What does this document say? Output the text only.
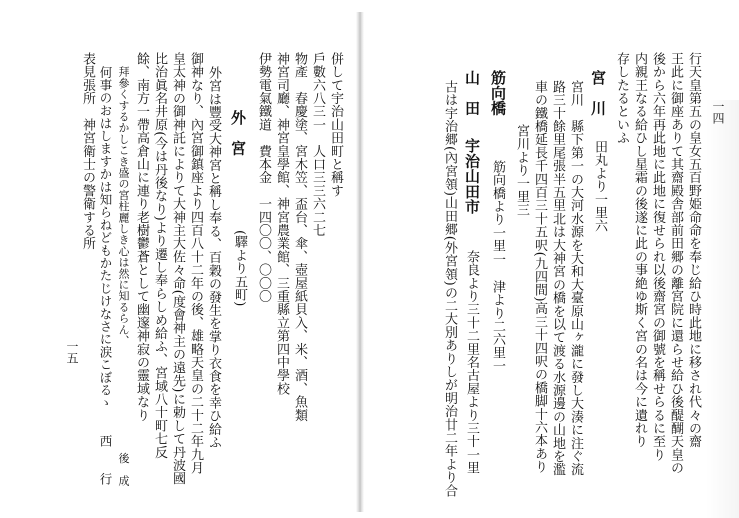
一四
行天皇第五の皇女五百野姫命命を奉じ給ひ時此地に移され代々の齋
王此に御座ありて其齋殿舎部前田郷の離宮院に還らせ給ひ後醍醐天皇の
後から六年再此地に此地に復せられ以後齋宮の御號を稱せらるに至り
内親王なる給ひし星霜の後遂に此の事絶ゆ斯く宮の名は今に遺れり
存したるといふ
宮　川
田丸より一里六
宮川　縣下第一の大河水源を大和大臺原山ヶ瀧に發し大湊に注ぐ流
路三十餘里尾張半五里北は大神宮の橋を以て渡る水源邊の山地を濫
車の鐵橋延長千四百三十五呎(九四間)高三十四呎の橋脚十六本あり
宮川より一里三
筋向橋
筋向橋より一里一
津より二六里一
山　田
宇治山田市
奈良より三十二里名古屋より三十一里
古は宇治郷(內宮領)山田郷(外宮領)の二大別ありしが明治廿二年より合
一五
併して宇治山田町と稱す
戶數六八三一　人口三三六二七
物產　春慶塗、宮木笠、盃台、傘、壺屋紙貝入、米、酒、魚類
神宮司廳、神宮皇學館、神宮農業館、三重縣立第四中學校
伊勢電氣鐵道　費本金　一四〇〇、〇〇〇
外　宮
(驛より五町)
外宮は豐受大神宮と稱し奉る、百穀の發生を掌り衣食を幸ひ給ふ
御神なり、內宮御鎮座より四百八十二年の後、雄略天皇の二十二年九月
皇太神の御神託によりて大神主大佐々命(度會神主の遠先)に勅して丹波國
比治眞名井原(今は丹後なり)より遷し奉らしめ給ふ、宮域八十町七反
餘、南方一帶高倉山に連り老樹鬱蒼として幽邃神寂の靈域なり
拜參くするかしこき盛の宮柱麗しき心は然に知るらん、　　　　　　　　　　後　成
何事のおはしますかは知らねどもかたじけなさに涙こぼるゝ　　西　　行
表見張所　神宮衛士の警衛する所
